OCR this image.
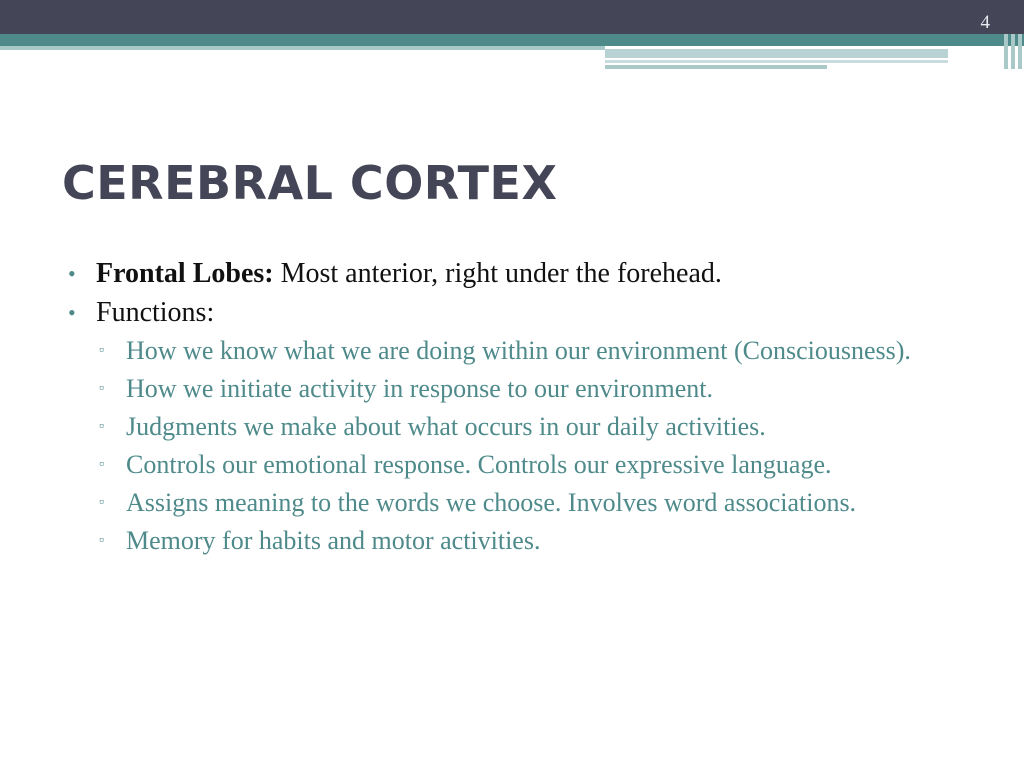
4
CEREBRAL CORTEX
• Frontal Lobes: Most anterior, right under the forehead.
• Functions:
▫ How we know what we are doing within our environment (Consciousness).
▫ How we initiate activity in response to our environment.
▫ Judgments we make about what occurs in our daily activities.
▫ Controls our emotional response. Controls our expressive language.
▫ Assigns meaning to the words we choose. Involves word associations.
▫ Memory for habits and motor activities.
